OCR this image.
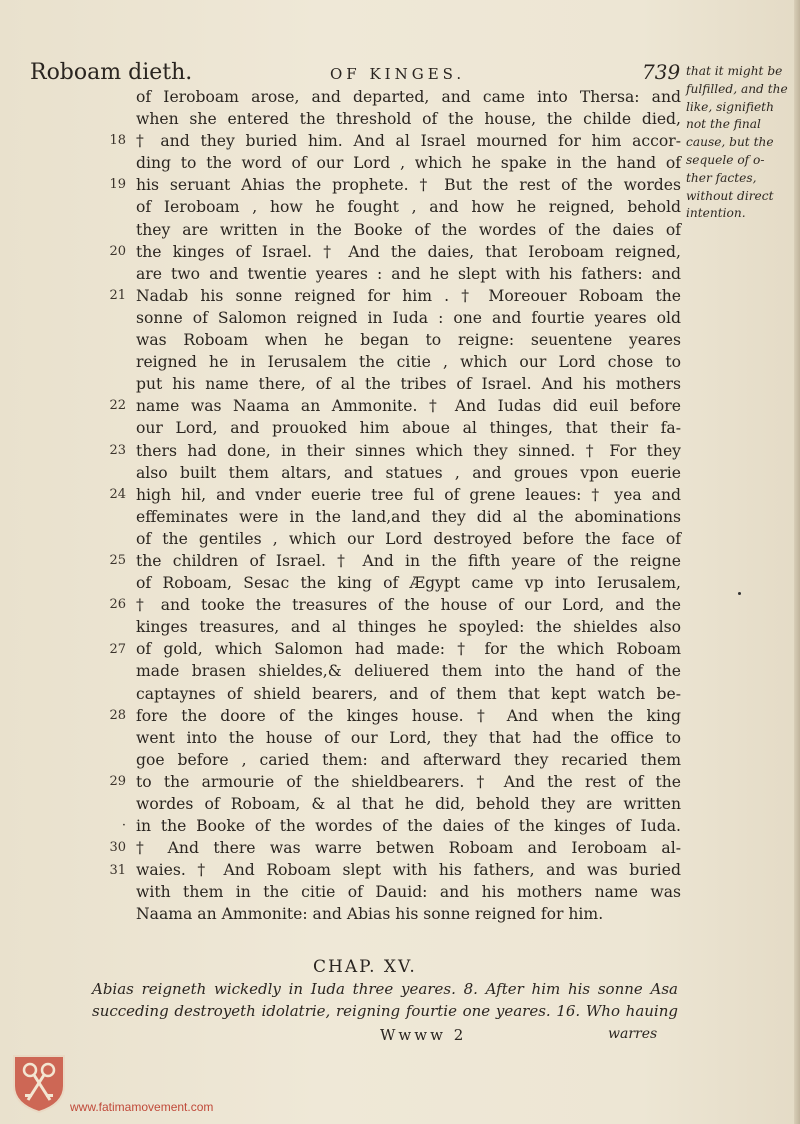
Roboam dieth.	OF KINGES.	739
18
19
20
21
22
23
24
25
26
27
28
29
·
30
31
of Ieroboam arose, and departed, and came into Thersa: and
when she entered the threshold of the house, the childe died,
† and they buried him. And al Israel mourned for him accor-
ding to the word of our Lord , which he spake in the hand of
his seruant Ahias the prophete. † But the rest of the wordes
of Ieroboam , how he fought , and how he reigned, behold
they are written in the Booke of the wordes of the daies of
the kinges of Israel. † And the daies, that Ieroboam reigned,
are two and twentie yeares : and he slept with his fathers: and
Nadab his sonne reigned for him . † Moreouer Roboam the
sonne of Salomon reigned in Iuda : one and fourtie yeares old
was Roboam when he began to reigne: seuentene yeares
reigned he in Ierusalem the citie , which our Lord chose to
put his name there, of al the tribes of Israel. And his mothers
name was Naama an Ammonite. † And Iudas did euil before
our Lord, and prouoked him aboue al thinges, that their fa-
thers had done, in their sinnes which they sinned. † For they
also built them altars, and statues , and groues vpon euerie
high hil, and vnder euerie tree ful of grene leaues: † yea and
effeminates were in the land,and they did al the abominations
of the gentiles , which our Lord destroyed before the face of
the children of Israel. † And in the fifth yeare of the reigne
of Roboam, Sesac the king of Ægypt came vp into Ierusalem,
† and tooke the treasures of the house of our Lord, and the
kinges treasures, and al thinges he spoyled: the shieldes also
of gold, which Salomon had made: † for the which Roboam
made brasen shieldes,& deliuered them into the hand of the
captaynes of shield bearers, and of them that kept watch be-
fore the doore of the kinges house. † And when the king
went into the house of our Lord, they that had the office to
goe before , caried them: and afterward they recaried them
to the armourie of the shieldbearers. † And the rest of the
wordes of Roboam, & al that he did, behold they are written
in the Booke of the wordes of the daies of the kinges of Iuda.
† And there was warre betwen Roboam and Ieroboam al-
waies. † And Roboam slept with his fathers, and was buried
with them in the citie of Dauid: and his mothers name was
Naama an Ammonite: and Abias his sonne reigned for him.
that it might be
fulfilled, and the
like, signifieth
not the final
cause, but the
sequele of o-
ther factes,
without direct
intention.
CHAP. XV.
Abias reigneth wickedly in Iuda three yeares. 8. After him his sonne Asa
succeding destroyeth idolatrie, reigning fourtie one yeares. 16. Who hauing
Wwww 2	warres
www.fatimamovement.com
